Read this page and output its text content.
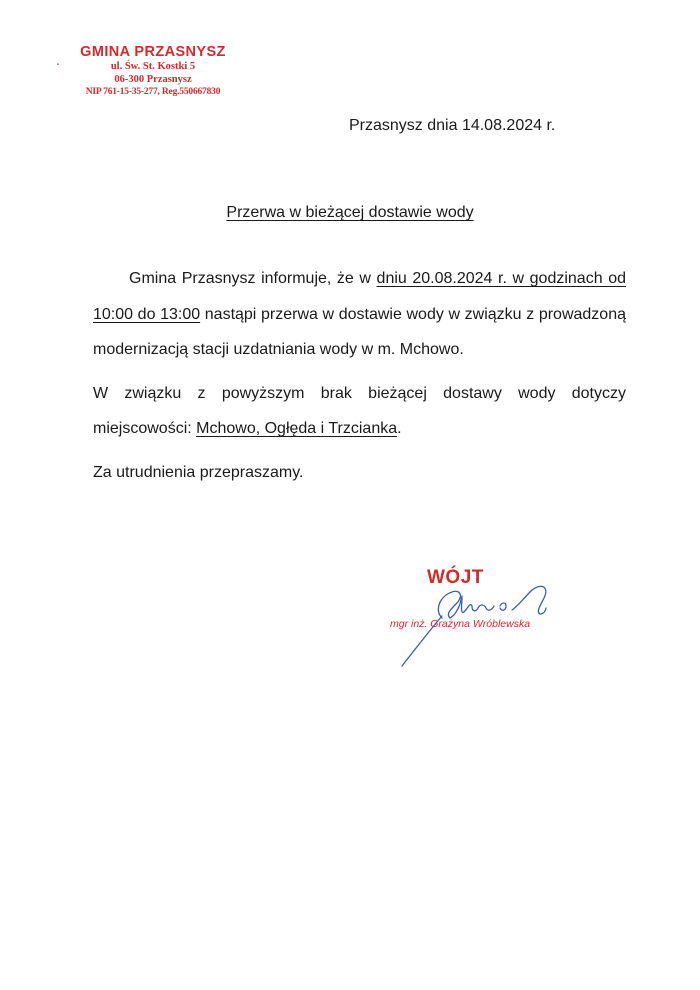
.	GMINA PRZASNYSZ
ul. Św. St. Kostki 5
06-300 Przasnysz
NIP 761-15-35-277, Reg.550667830
Przasnysz dnia 14.08.2024 r.
Przerwa w bieżącej dostawie wody

Gmina Przasnysz informuje, że w dniu 20.08.2024 r. w godzinach od 10:00 do 13:00 nastąpi przerwa w dostawie wody w związku z prowadzoną modernizacją stacji uzdatniania wody w m. Mchowo.

W związku z powyższym brak bieżącej dostawy wody dotyczy miejscowości: Mchowo, Ogłęda i Trzcianka.

Za utrudnienia przepraszamy.

WÓJT
mgr inż. Grażyna Wróblewska
